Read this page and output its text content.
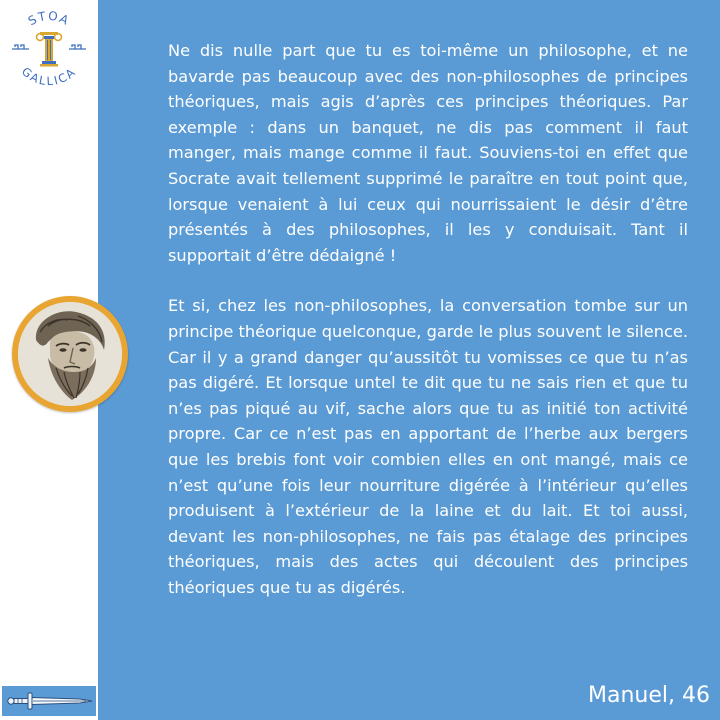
STOA
GALLICA

Ne dis nulle part que tu es toi-même un philosophe, et ne bavarde pas beaucoup avec des non-philosophes de principes théoriques, mais agis d’après ces principes théoriques. Par exemple : dans un banquet, ne dis pas comment il faut manger, mais mange comme il faut. Souviens-toi en effet que Socrate avait tellement supprimé le paraître en tout point que, lorsque venaient à lui ceux qui nourrissaient le désir d’être présentés à des philosophes, il les y conduisait. Tant il supportait d’être dédaigné !

Et si, chez les non-philosophes, la conversation tombe sur un principe théorique quelconque, garde le plus souvent le silence. Car il y a grand danger qu’aussitôt tu vomisses ce que tu n’as pas digéré. Et lorsque untel te dit que tu ne sais rien et que tu n’es pas piqué au vif, sache alors que tu as initié ton activité propre. Car ce n’est pas en apportant de l’herbe aux bergers que les brebis font voir combien elles en ont mangé, mais ce n’est qu’une fois leur nourriture digérée à l’intérieur qu’elles produisent à l’extérieur de la laine et du lait. Et toi aussi, devant les non-philosophes, ne fais pas étalage des principes théoriques, mais des actes qui découlent des principes théoriques que tu as digérés.

Manuel, 46
